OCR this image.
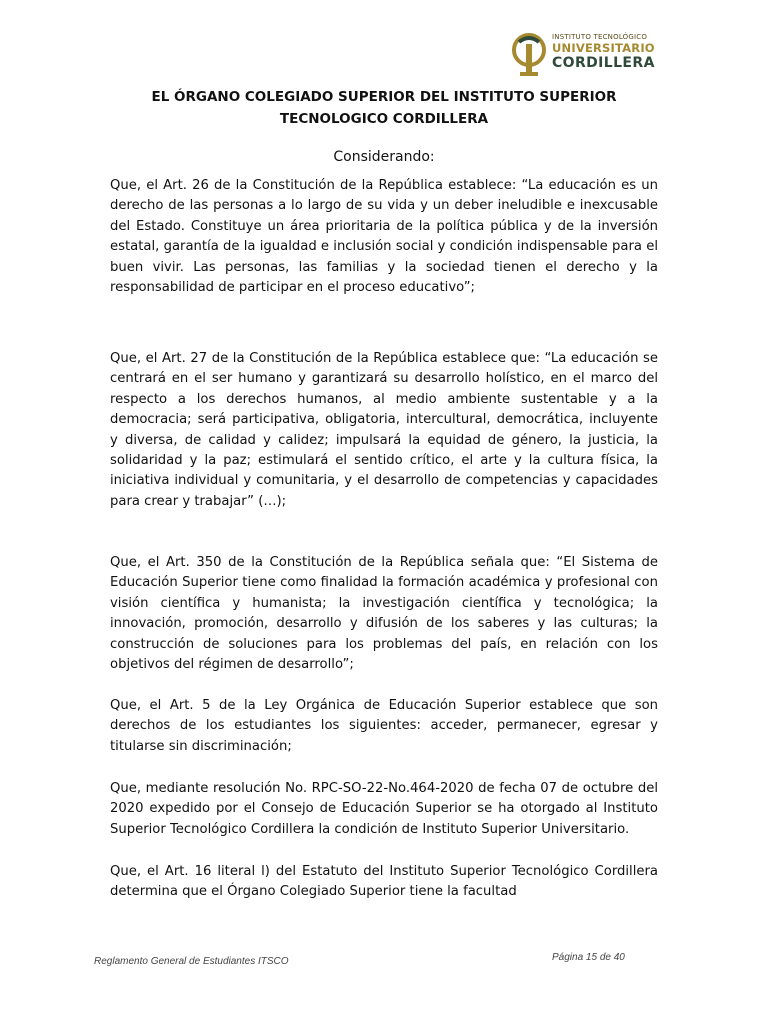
INSTITUTO TECNOLÓGICO
UNIVERSITARIO
CORDILLERA
EL ÓRGANO COLEGIADO SUPERIOR DEL INSTITUTO SUPERIOR
TECNOLOGICO CORDILLERA
Considerando:

Que, el Art. 26 de la Constitución de la República establece: “La educación es un derecho de las personas a lo largo de su vida y un deber ineludible e inexcusable del Estado. Constituye un área prioritaria de la política pública y de la inversión estatal, garantía de la igualdad e inclusión social y condición indispensable para el buen vivir. Las personas, las familias y la sociedad tienen el derecho y la responsabilidad de participar en el proceso educativo”;

Que, el Art. 27 de la Constitución de la República establece que: “La educación se centrará en el ser humano y garantizará su desarrollo holístico, en el marco del respecto a los derechos humanos, al medio ambiente sustentable y a la democracia; será participativa, obligatoria, intercultural, democrática, incluyente y diversa, de calidad y calidez; impulsará la equidad de género, la justicia, la solidaridad y la paz; estimulará el sentido crítico, el arte y la cultura física, la iniciativa individual y comunitaria, y el desarrollo de competencias y capacidades para crear y trabajar” (…);

Que, el Art. 350 de la Constitución de la República señala que: “El Sistema de Educación Superior tiene como finalidad la formación académica y profesional con visión científica y humanista; la investigación científica y tecnológica; la innovación, promoción, desarrollo y difusión de los saberes y las culturas; la construcción de soluciones para los problemas del país, en relación con los objetivos del régimen de desarrollo”;

Que, el Art. 5 de la Ley Orgánica de Educación Superior establece que son derechos de los estudiantes los siguientes: acceder, permanecer, egresar y titularse sin discriminación;

Que, mediante resolución No. RPC-SO-22-No.464-2020 de fecha 07 de octubre del 2020 expedido por el Consejo de Educación Superior se ha otorgado al Instituto Superior Tecnológico Cordillera la condición de Instituto Superior Universitario.

Que, el Art. 16 literal l) del Estatuto del Instituto Superior Tecnológico Cordillera determina que el Órgano Colegiado Superior tiene la facultad

Reglamento General de Estudiantes ITSCO	Página 15 de 40
